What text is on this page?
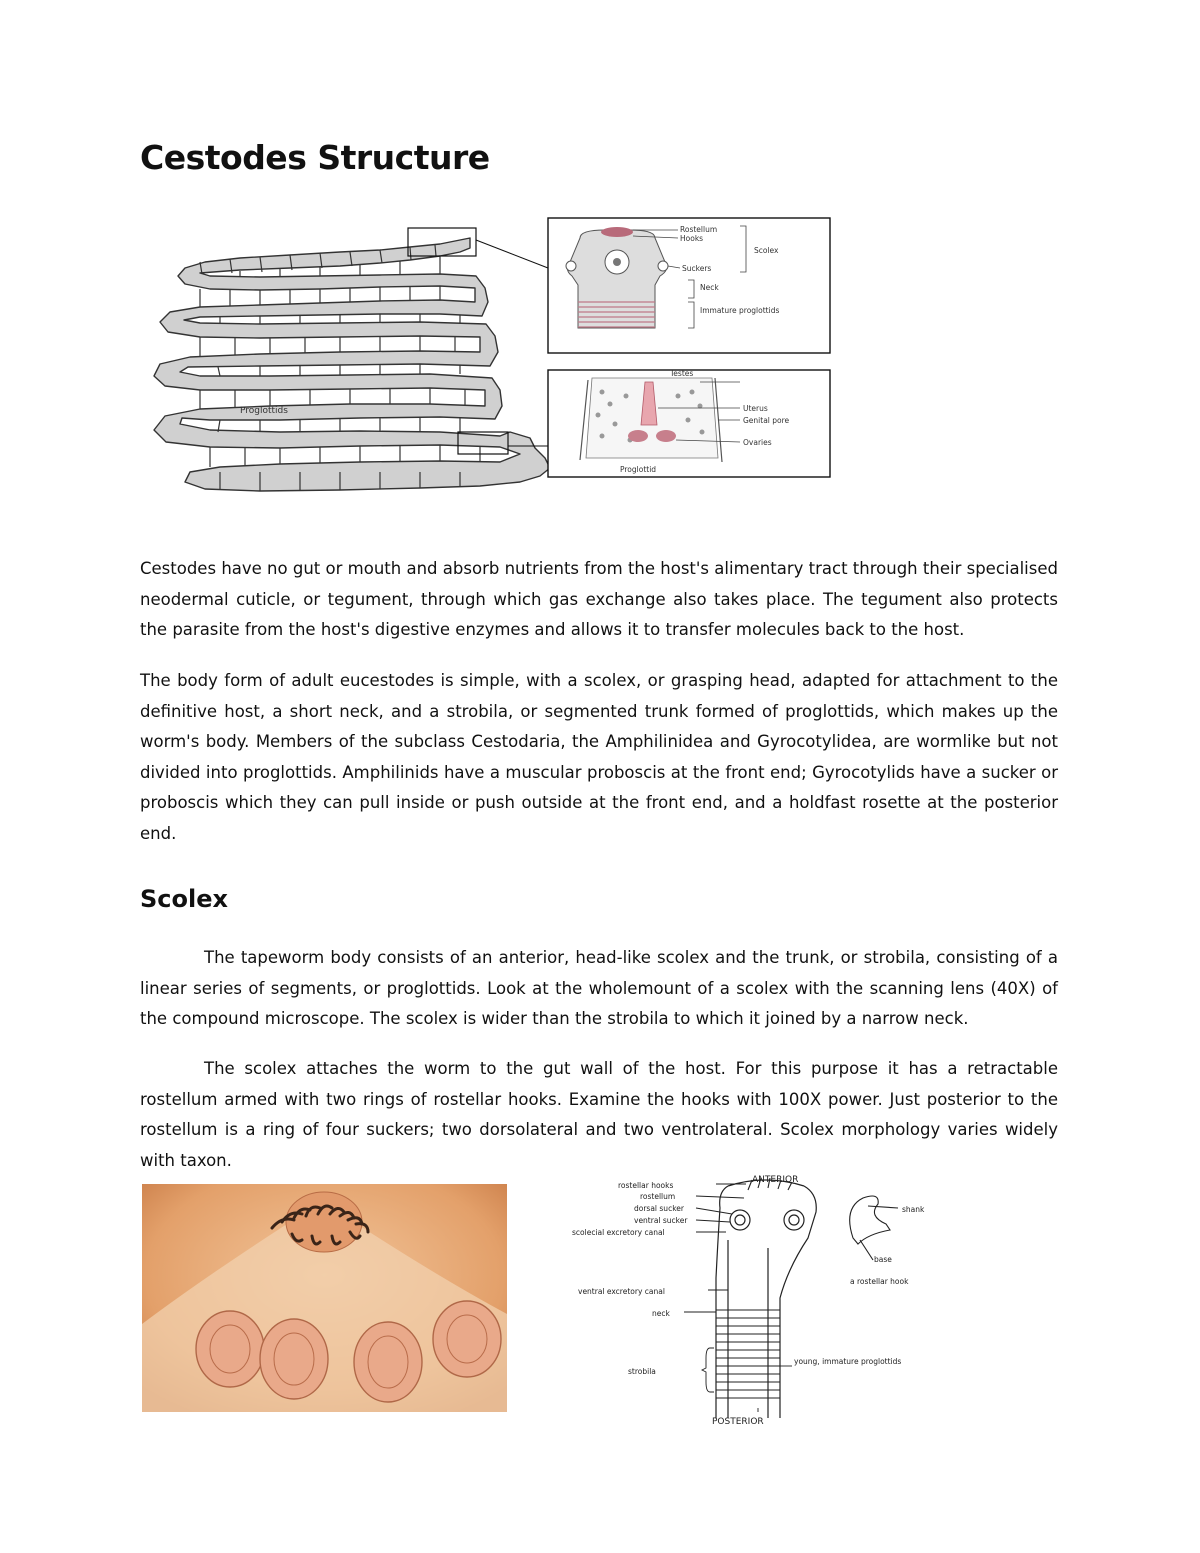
Cestodes Structure
Proglottids
Rostellum
Hooks
Suckers
Scolex
Neck
Immature proglottids
Testes
Uterus
Genital pore
Ovaries
Proglottid

Cestodes have no gut or mouth and absorb nutrients from the host's alimentary tract through their specialised neodermal cuticle, or tegument, through which gas exchange also takes place. The tegument also protects the parasite from the host's digestive enzymes and allows it to transfer molecules back to the host.

The body form of adult eucestodes is simple, with a scolex, or grasping head, adapted for attachment to the definitive host, a short neck, and a strobila, or segmented trunk formed of proglottids, which makes up the worm's body. Members of the subclass Cestodaria, the Amphilinidea and Gyrocotylidea, are wormlike but not divided into proglottids. Amphilinids have a muscular proboscis at the front end; Gyrocotylids have a sucker or proboscis which they can pull inside or push outside at the front end, and a holdfast rosette at the posterior end.

Scolex

The tapeworm body consists of an anterior, head-like scolex and the trunk, or strobila, consisting of a linear series of segments, or proglottids. Look at the wholemount of a scolex with the scanning lens (40X) of the compound microscope. The scolex is wider than the strobila to which it joined by a narrow neck.

The scolex attaches the worm to the gut wall of the host. For this purpose it has a retractable rostellum armed with two rings of rostellar hooks. Examine the hooks with 100X power. Just posterior to the rostellum is a ring of four suckers; two dorsolateral and two ventrolateral. Scolex morphology varies widely with taxon.

ANTERIOR
rostellar hooks
rostellum
dorsal sucker
ventral sucker
scolecial excretory canal
ventral excretory canal
neck
strobila
young, immature proglottids
POSTERIOR
shank
base
a rostellar hook
